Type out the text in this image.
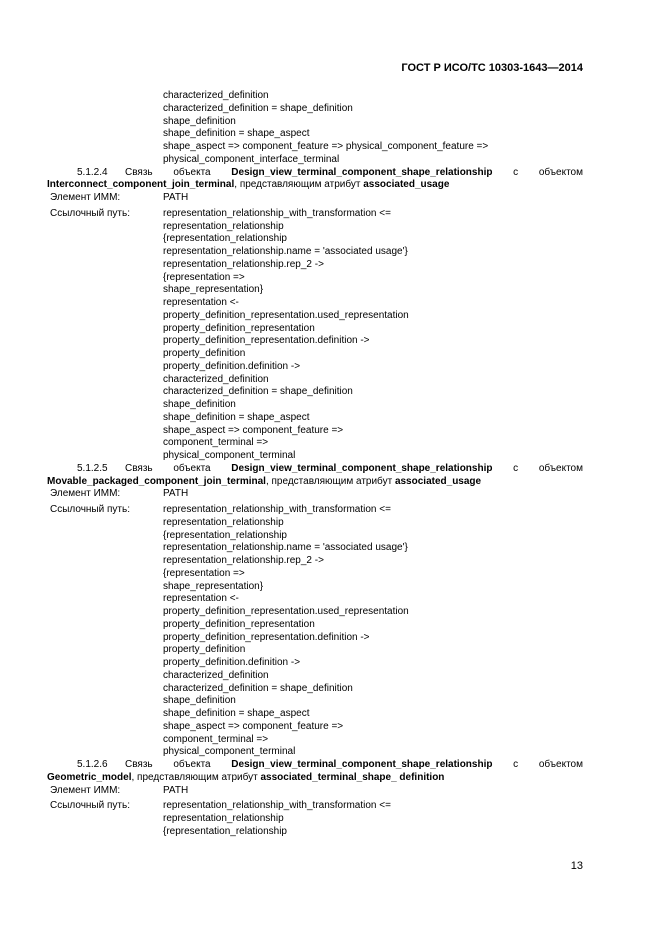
ГОСТ Р ИСО/ТС 10303-1643—2014
characterized_definition
characterized_definition = shape_definition
shape_definition
shape_definition = shape_aspect
shape_aspect => component_feature => physical_component_feature =>
physical_component_interface_terminal
5.1.2.4 Связь объекта Design_view_terminal_component_shape_relationship с объектом
Interconnect_component_join_terminal, представляющим атрибут associated_usage
Элемент ИММ:	PATH
Ссылочный путь:	representation_relationship_with_transformation <=
representation_relationship
{representation_relationship
representation_relationship.name = 'associated usage'}
representation_relationship.rep_2 ->
{representation =>
shape_representation}
representation <-
property_definition_representation.used_representation
property_definition_representation
property_definition_representation.definition ->
property_definition
property_definition.definition ->
characterized_definition
characterized_definition = shape_definition
shape_definition
shape_definition = shape_aspect
shape_aspect => component_feature =>
component_terminal =>
physical_component_terminal
5.1.2.5 Связь объекта Design_view_terminal_component_shape_relationship с объектом
Movable_packaged_component_join_terminal, представляющим атрибут associated_usage
Элемент ИММ:	PATH
Ссылочный путь:	representation_relationship_with_transformation <=
representation_relationship
{representation_relationship
representation_relationship.name = 'associated usage'}
representation_relationship.rep_2 ->
{representation =>
shape_representation}
representation <-
property_definition_representation.used_representation
property_definition_representation
property_definition_representation.definition ->
property_definition
property_definition.definition ->
characterized_definition
characterized_definition = shape_definition
shape_definition
shape_definition = shape_aspect
shape_aspect => component_feature =>
component_terminal =>
physical_component_terminal
5.1.2.6 Связь объекта Design_view_terminal_component_shape_relationship с объектом
Geometric_model, представляющим атрибут associated_terminal_shape_ definition
Элемент ИММ:	PATH
Ссылочный путь:	representation_relationship_with_transformation <=
representation_relationship
{representation_relationship
13
